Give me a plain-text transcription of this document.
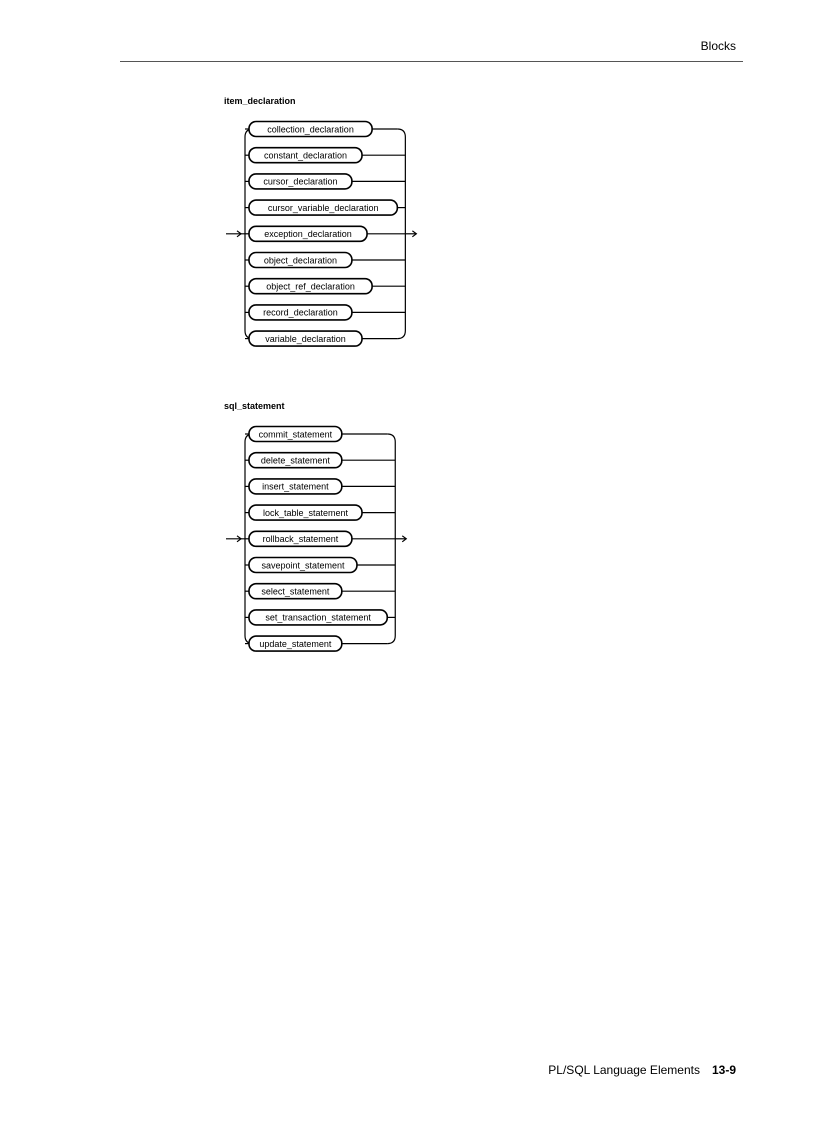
Blocks
item_declaration
collection_declaration
constant_declaration
cursor_declaration
cursor_variable_declaration
exception_declaration
object_declaration
object_ref_declaration
record_declaration
variable_declaration
sql_statement
commit_statement
delete_statement
insert_statement
lock_table_statement
rollback_statement
savepoint_statement
select_statement
set_transaction_statement
update_statement
PL/SQL Language Elements 13-9
